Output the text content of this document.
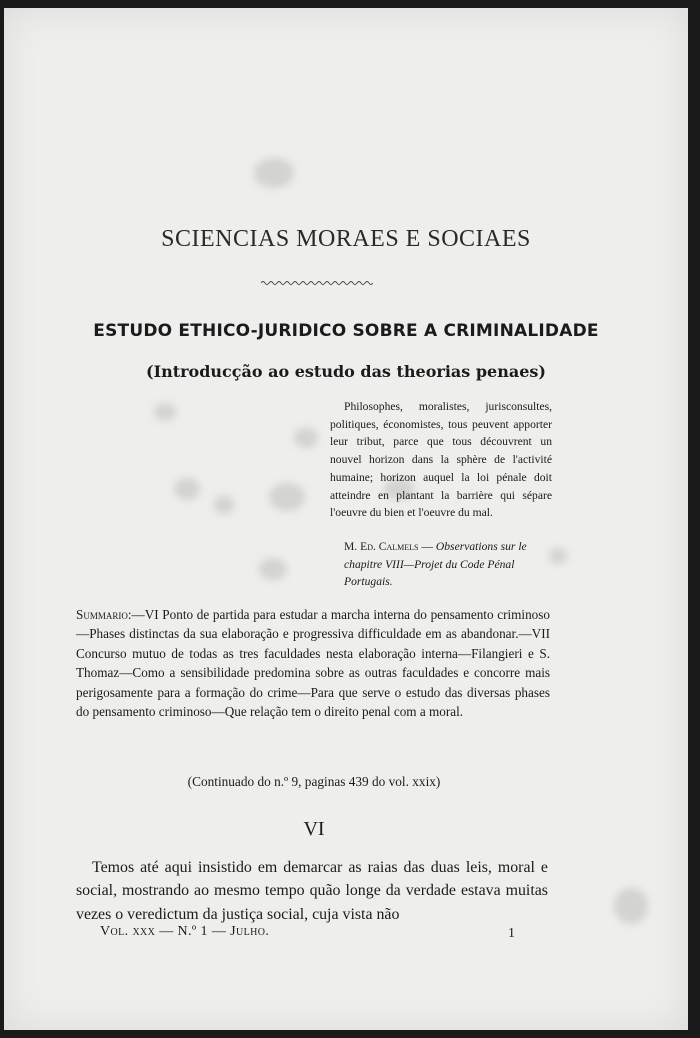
SCIENCIAS MORAES E SOCIAES
ESTUDO ETHICO-JURIDICO SOBRE A CRIMINALIDADE
(Introducção ao estudo das theorias penaes)

Philosophes, moralistes, jurisconsultes, politiques, économistes, tous peuvent apporter leur tribut, parce que tous découvrent un nouvel horizon dans la sphère de l'activité humaine; horizon auquel la loi pénale doit atteindre en plantant la barrière qui sépare l'oeuvre du bien et l'oeuvre du mal.

M. Ed. Calmels — Observations sur le chapitre VIII—Projet du Code Pénal Portugais.

Summario:—VI Ponto de partida para estudar a marcha interna do pensamento criminoso—Phases distinctas da sua elaboração e progressiva difficuldade em as abandonar.—VII Concurso mutuo de todas as tres faculdades nesta elaboração interna—Filangieri e S. Thomaz—Como a sensibilidade predomina sobre as outras faculdades e concorre mais perigosamente para a formação do crime—Para que serve o estudo das diversas phases do pensamento criminoso—Que relação tem o direito penal com a moral.

(Continuado do n.º 9, paginas 439 do vol. xxix)

VI

Temos até aqui insistido em demarcar as raias das duas leis, moral e social, mostrando ao mesmo tempo quão longe da verdade estava muitas vezes o veredictum da justiça social, cuja vista não

Vol. xxx — N.º 1 — Julho.	1
